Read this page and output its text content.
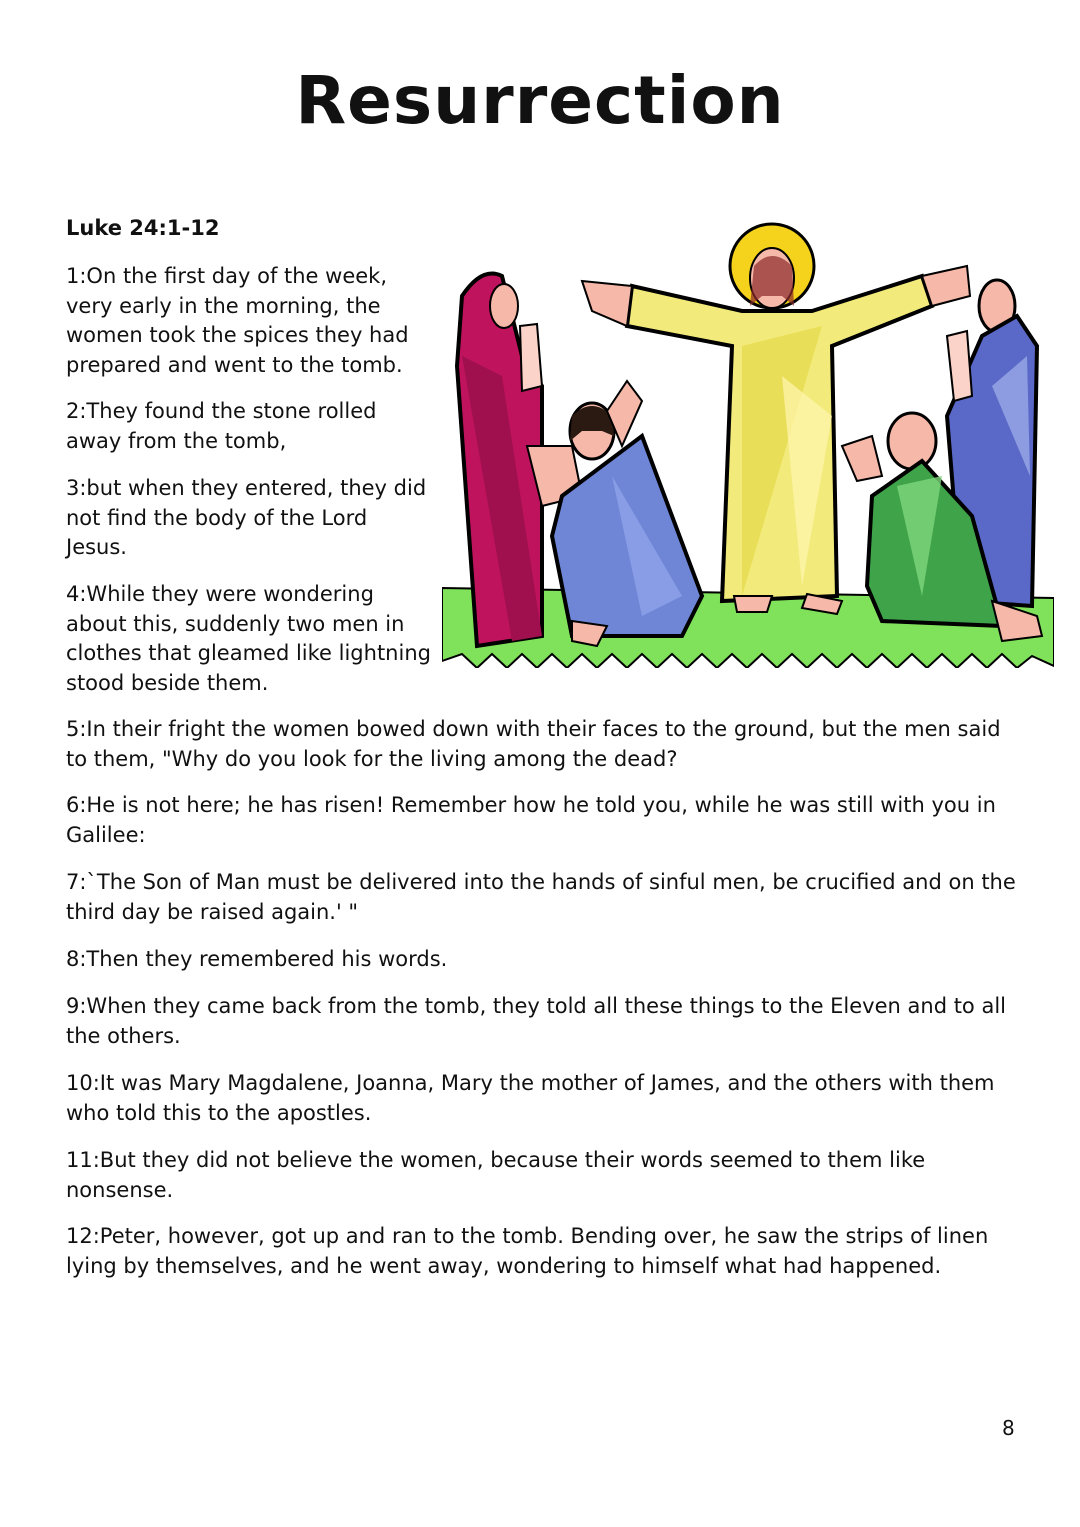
Resurrection

Luke 24:1-12

1:On the first day of the week, very early in the morning, the women took the spices they had prepared and went to the tomb.

2:They found the stone rolled away from the tomb,

3:but when they entered, they did not find the body of the Lord Jesus.

4:While they were wondering about this, suddenly two men in clothes that gleamed like lightning stood beside them.

5:In their fright the women bowed down with their faces to the ground, but the men said to them, "Why do you look for the living among the dead?

6:He is not here; he has risen! Remember how he told you, while he was still with you in Galilee:

7:`The Son of Man must be delivered into the hands of sinful men, be crucified and on the third day be raised again.' "

8:Then they remembered his words.

9:When they came back from the tomb, they told all these things to the Eleven and to all the others.

10:It was Mary Magdalene, Joanna, Mary the mother of James, and the others with them who told this to the apostles.

11:But they did not believe the women, because their words seemed to them like nonsense.

12:Peter, however, got up and ran to the tomb. Bending over, he saw the strips of linen lying by themselves, and he went away, wondering to himself what had happened.

8
